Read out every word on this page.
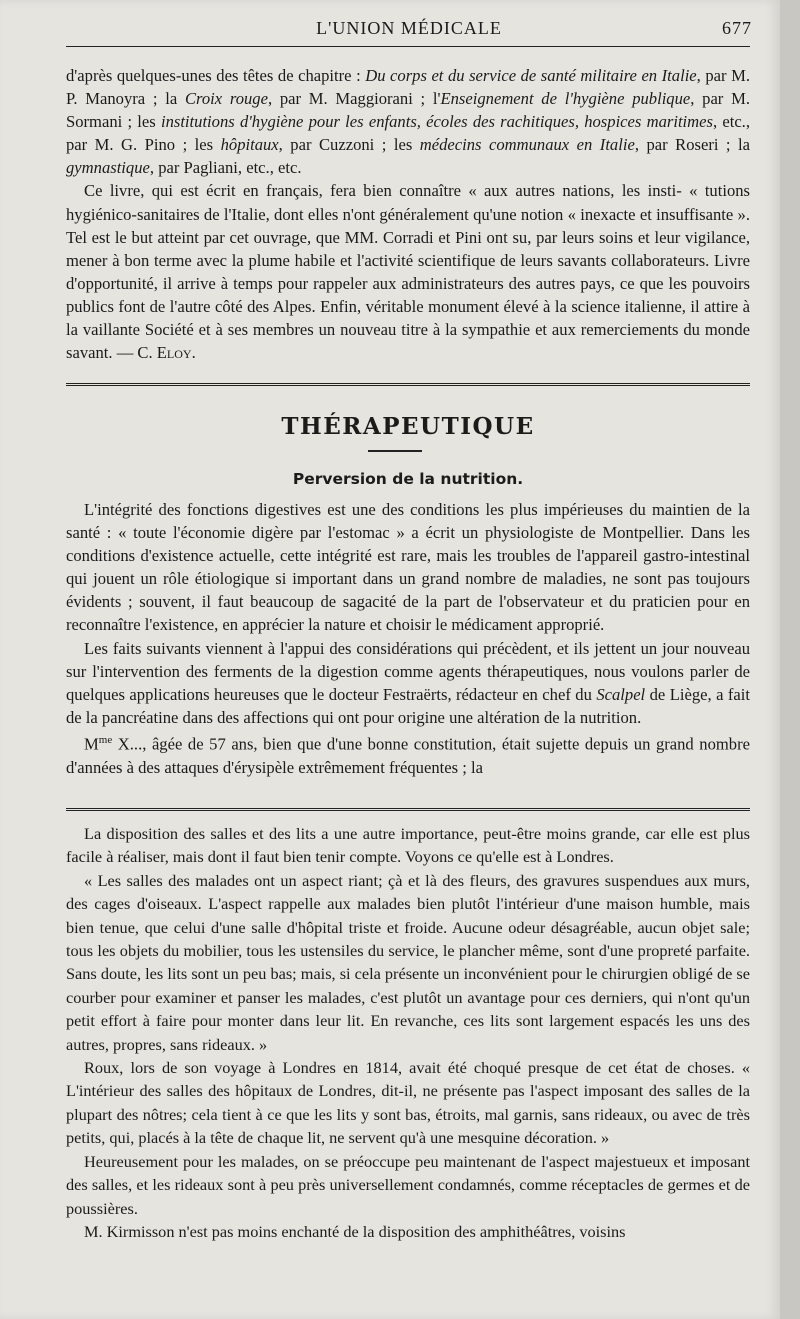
L'UNION MÉDICALE	677

d'après quelques-unes des têtes de chapitre : Du corps et du service de santé militaire en Italie, par M. P. Manoyra ; la Croix rouge, par M. Maggiorani ; l'Enseignement de l'hygiène publique, par M. Sormani ; les institutions d'hygiène pour les enfants, écoles des rachitiques, hospices maritimes, etc., par M. G. Pino ; les hôpitaux, par Cuzzoni ; les médecins communaux en Italie, par Roseri ; la gymnastique, par Pagliani, etc., etc.

Ce livre, qui est écrit en français, fera bien connaître « aux autres nations, les insti- « tutions hygiénico-sanitaires de l'Italie, dont elles n'ont généralement qu'une notion « inexacte et insuffisante ». Tel est le but atteint par cet ouvrage, que MM. Corradi et Pini ont su, par leurs soins et leur vigilance, mener à bon terme avec la plume habile et l'activité scientifique de leurs savants collaborateurs. Livre d'opportunité, il arrive à temps pour rappeler aux administrateurs des autres pays, ce que les pouvoirs publics font de l'autre côté des Alpes. Enfin, véritable monument élevé à la science italienne, il attire à la vaillante Société et à ses membres un nouveau titre à la sympathie et aux remerciements du monde savant. — C. Eloy.

THÉRAPEUTIQUE
Perversion de la nutrition.

L'intégrité des fonctions digestives est une des conditions les plus impérieuses du maintien de la santé : « toute l'économie digère par l'estomac » a écrit un physiologiste de Montpellier. Dans les conditions d'existence actuelle, cette intégrité est rare, mais les troubles de l'appareil gastro-intestinal qui jouent un rôle étiologique si important dans un grand nombre de maladies, ne sont pas toujours évidents ; souvent, il faut beaucoup de sagacité de la part de l'observateur et du praticien pour en reconnaître l'existence, en apprécier la nature et choisir le médicament approprié.

Les faits suivants viennent à l'appui des considérations qui précèdent, et ils jettent un jour nouveau sur l'intervention des ferments de la digestion comme agents thérapeutiques, nous voulons parler de quelques applications heureuses que le docteur Festraërts, rédacteur en chef du Scalpel de Liège, a fait de la pancréatine dans des affections qui ont pour origine une altération de la nutrition.

$M^{me}$ X..., âgée de 57 ans, bien que d'une bonne constitution, était sujette depuis un grand nombre d'années à des attaques d'érysipèle extrêmement fréquentes ; la

La disposition des salles et des lits a une autre importance, peut-être moins grande, car elle est plus facile à réaliser, mais dont il faut bien tenir compte. Voyons ce qu'elle est à Londres.

« Les salles des malades ont un aspect riant; çà et là des fleurs, des gravures suspendues aux murs, des cages d'oiseaux. L'aspect rappelle aux malades bien plutôt l'intérieur d'une maison humble, mais bien tenue, que celui d'une salle d'hôpital triste et froide. Aucune odeur désagréable, aucun objet sale; tous les objets du mobilier, tous les ustensiles du service, le plancher même, sont d'une propreté parfaite. Sans doute, les lits sont un peu bas; mais, si cela présente un inconvénient pour le chirurgien obligé de se courber pour examiner et panser les malades, c'est plutôt un avantage pour ces derniers, qui n'ont qu'un petit effort à faire pour monter dans leur lit. En revanche, ces lits sont largement espacés les uns des autres, propres, sans rideaux. »

Roux, lors de son voyage à Londres en 1814, avait été choqué presque de cet état de choses. « L'intérieur des salles des hôpitaux de Londres, dit-il, ne présente pas l'aspect imposant des salles de la plupart des nôtres; cela tient à ce que les lits y sont bas, étroits, mal garnis, sans rideaux, ou avec de très petits, qui, placés à la tête de chaque lit, ne servent qu'à une mesquine décoration. »

Heureusement pour les malades, on se préoccupe peu maintenant de l'aspect majestueux et imposant des salles, et les rideaux sont à peu près universellement condamnés, comme réceptacles de germes et de poussières.

M. Kirmisson n'est pas moins enchanté de la disposition des amphithéâtres, voisins
